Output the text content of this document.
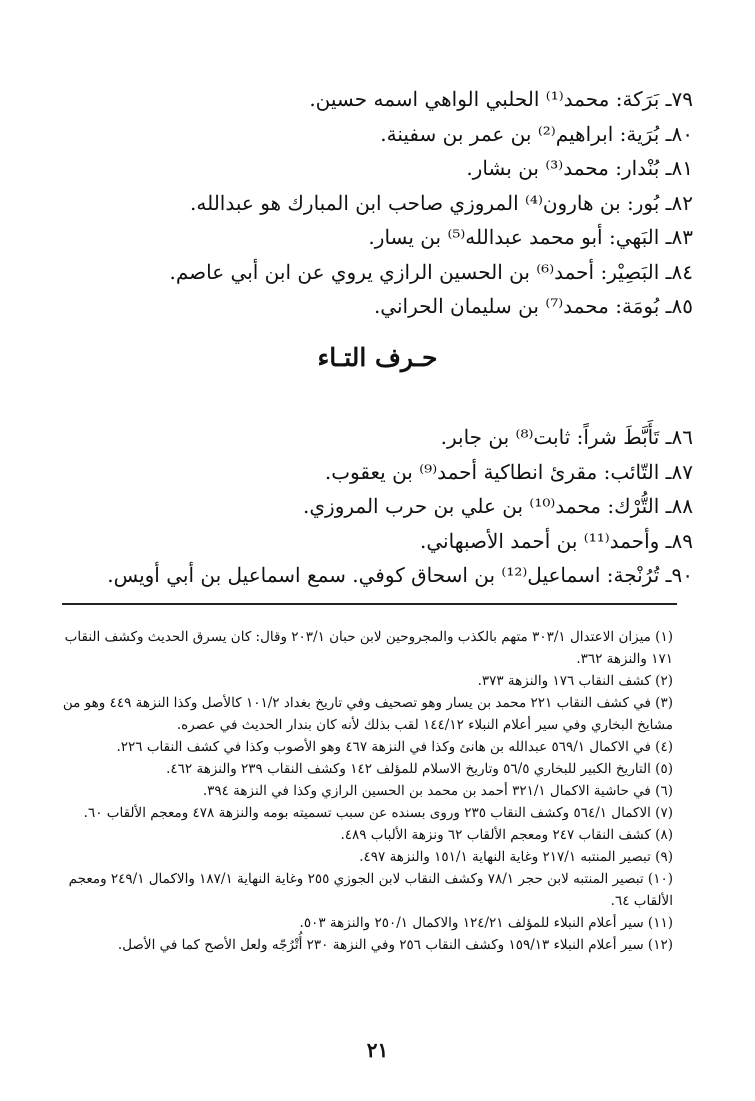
٧٩ـ بَرَكة: محمد⁽¹⁾ الحلبي الواهي اسمه حسين.
٨٠ـ بُرَية: ابراهيم⁽²⁾ بن عمر بن سفينة.
٨١ـ بُنْدار: محمد⁽³⁾ بن بشار.
٨٢ـ بُور: بن هارون⁽⁴⁾ المروزي صاحب ابن المبارك هو عبدالله.
٨٣ـ البَهي: أبو محمد عبدالله⁽⁵⁾ بن يسار.
٨٤ـ البَصِيْر: أحمد⁽⁶⁾ بن الحسين الرازي يروي عن ابن أبي عاصم.
٨٥ـ بُومَة: محمد⁽⁷⁾ بن سليمان الحراني.
حـرف التـاء
٨٦ـ تَأَبَّطَ شراً: ثابت⁽⁸⁾ بن جابر.
٨٧ـ التّائب: مقرئ انطاكية أحمد⁽⁹⁾ بن يعقوب.
٨٨ـ التُّرْك: محمد⁽¹⁰⁾ بن علي بن حرب المروزي.
٨٩ـ وأحمد⁽¹¹⁾ بن أحمد الأصبهاني.
٩٠ـ تُرُنْجة: اسماعيل⁽¹²⁾ بن اسحاق كوفي. سمع اسماعيل بن أبي أويس.
(١) ميزان الاعتدال ٣٠٣/١ متهم بالكذب والمجروحين لابن حبان ٢٠٣/١ وقال: كان يسرق الحديث وكشف النقاب ١٧١ والنزهة ٣٦٢.
(٢) كشف النقاب ١٧٦ والنزهة ٣٧٣.
(٣) في كشف النقاب ٢٢١ محمد بن يسار وهو تصحيف وفي تاريخ بغداد ١٠١/٢ كالأصل وكذا النزهة ٤٤٩ وهو من مشايخ البخاري وفي سير أعلام النبلاء ١٤٤/١٢ لقب بذلك لأنه كان بندار الحديث في عصره.
(٤) في الاكمال ٥٦٩/١ عبدالله بن هانئ وكذا في النزهة ٤٦٧ وهو الأصوب وكذا في كشف النقاب ٢٢٦.
(٥) التاريخ الكبير للبخاري ٥٦/٥ وتاريخ الاسلام للمؤلف ١٤٢ وكشف النقاب ٢٣٩ والنزهة ٤٦٢.
(٦) في حاشية الاكمال ٣٢١/١ أحمد بن محمد بن الحسين الرازي وكذا في النزهة ٣٩٤.
(٧) الاكمال ٥٦٤/١ وكشف النقاب ٢٣٥ وروى بسنده عن سبب تسميته بومه والنزهة ٤٧٨ ومعجم الألقاب ٦٠.
(٨) كشف النقاب ٢٤٧ ومعجم الألقاب ٦٢ ونزهة الألباب ٤٨٩.
(٩) تبصير المنتبه ٢١٧/١ وغاية النهاية ١٥١/١ والنزهة ٤٩٧.
(١٠) تبصير المنتبه لابن حجر ٧٨/١ وكشف النقاب لابن الجوزي ٢٥٥ وغاية النهاية ١٨٧/١ والاكمال ٢٤٩/١ ومعجم الألقاب ٦٤.
(١١) سير أعلام النبلاء للمؤلف ١٢٤/٢١ والاكمال ٢٥٠/١ والنزهة ٥٠٣.
(١٢) سير أعلام النبلاء ١٥٩/١٣ وكشف النقاب ٢٥٦ وفي النزهة ٢٣٠ أُتْرُجّه ولعل الأصح كما في الأصل.
٢١
